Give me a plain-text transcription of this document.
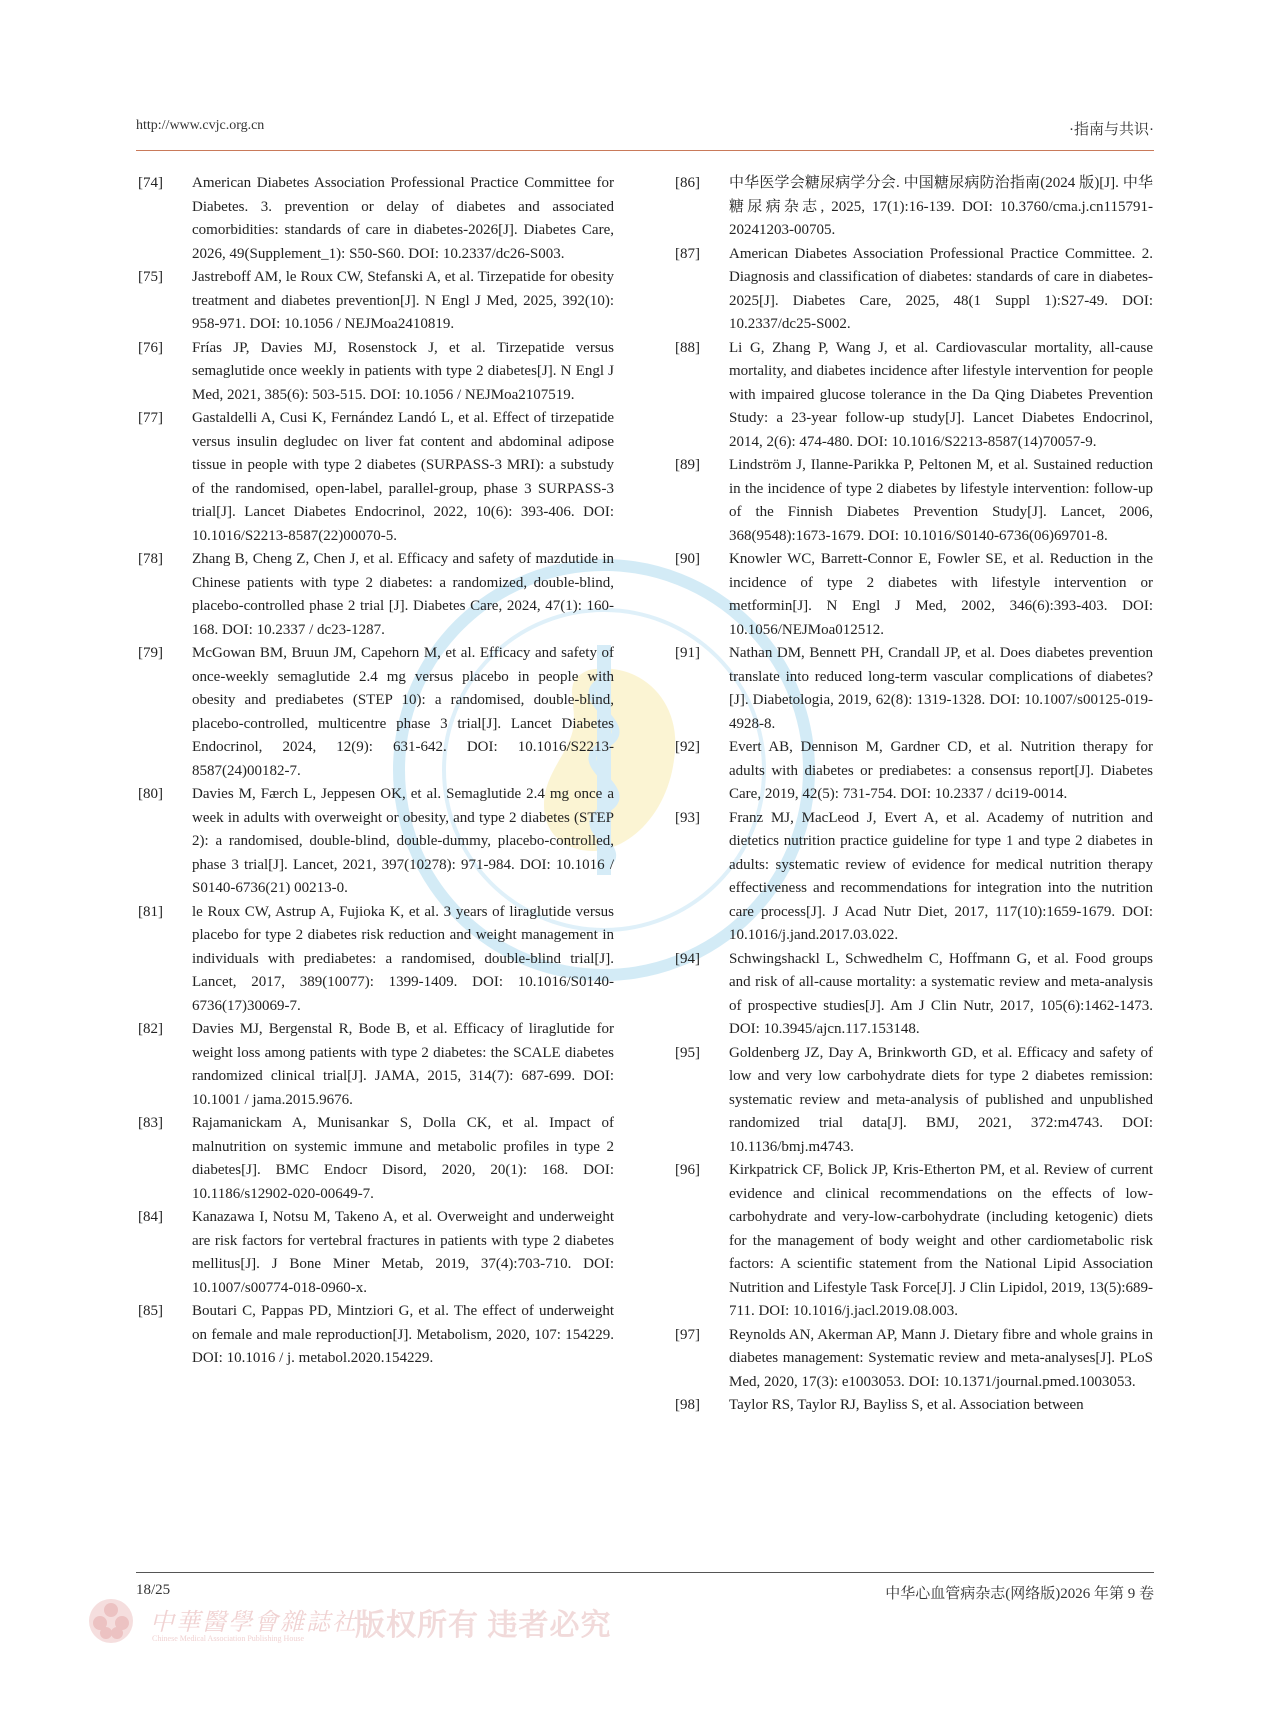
http://www.cvjc.org.cn	·指南与共识·
[74]	American Diabetes Association Professional Practice Committee for Diabetes. 3. prevention or delay of diabetes and associated comorbidities: standards of care in diabetes-2026[J]. Diabetes Care, 2026, 49(Supplement_1): S50-S60. DOI: 10.2337/dc26-S003.
[75]	Jastreboff AM, le Roux CW, Stefanski A, et al. Tirzepatide for obesity treatment and diabetes prevention[J]. N Engl J Med, 2025, 392(10): 958-971. DOI: 10.1056 / NEJMoa2410819.
[76]	Frías JP, Davies MJ, Rosenstock J, et al. Tirzepatide versus semaglutide once weekly in patients with type 2 diabetes[J]. N Engl J Med, 2021, 385(6): 503-515. DOI: 10.1056 / NEJMoa2107519.
[77]	Gastaldelli A, Cusi K, Fernández Landó L, et al. Effect of tirzepatide versus insulin degludec on liver fat content and abdominal adipose tissue in people with type 2 diabetes (SURPASS-3 MRI): a substudy of the randomised, open-label, parallel-group, phase 3 SURPASS-3 trial[J]. Lancet Diabetes Endocrinol, 2022, 10(6): 393-406. DOI: 10.1016/S2213-8587(22)00070-5.
[78]	Zhang B, Cheng Z, Chen J, et al. Efficacy and safety of mazdutide in Chinese patients with type 2 diabetes: a randomized, double-blind, placebo-controlled phase 2 trial [J]. Diabetes Care, 2024, 47(1): 160-168. DOI: 10.2337 / dc23-1287.
[79]	McGowan BM, Bruun JM, Capehorn M, et al. Efficacy and safety of once-weekly semaglutide 2.4 mg versus placebo in people with obesity and prediabetes (STEP 10): a randomised, double-blind, placebo-controlled, multicentre phase 3 trial[J]. Lancet Diabetes Endocrinol, 2024, 12(9): 631-642. DOI: 10.1016/S2213-8587(24)00182-7.
[80]	Davies M, Færch L, Jeppesen OK, et al. Semaglutide 2.4 mg once a week in adults with overweight or obesity, and type 2 diabetes (STEP 2): a randomised, double-blind, double-dummy, placebo-controlled, phase 3 trial[J]. Lancet, 2021, 397(10278): 971-984. DOI: 10.1016 / S0140-6736(21) 00213-0.
[81]	le Roux CW, Astrup A, Fujioka K, et al. 3 years of liraglutide versus placebo for type 2 diabetes risk reduction and weight management in individuals with prediabetes: a randomised, double-blind trial[J]. Lancet, 2017, 389(10077): 1399-1409. DOI: 10.1016/S0140-6736(17)30069-7.
[82]	Davies MJ, Bergenstal R, Bode B, et al. Efficacy of liraglutide for weight loss among patients with type 2 diabetes: the SCALE diabetes randomized clinical trial[J]. JAMA, 2015, 314(7): 687-699. DOI: 10.1001 / jama.2015.9676.
[83]	Rajamanickam A, Munisankar S, Dolla CK, et al. Impact of malnutrition on systemic immune and metabolic profiles in type 2 diabetes[J]. BMC Endocr Disord, 2020, 20(1): 168. DOI: 10.1186/s12902-020-00649-7.
[84]	Kanazawa I, Notsu M, Takeno A, et al. Overweight and underweight are risk factors for vertebral fractures in patients with type 2 diabetes mellitus[J]. J Bone Miner Metab, 2019, 37(4):703-710. DOI: 10.1007/s00774-018-0960-x.
[85]	Boutari C, Pappas PD, Mintziori G, et al. The effect of underweight on female and male reproduction[J]. Metabolism, 2020, 107: 154229. DOI: 10.1016 / j. metabol.2020.154229.
[86]	中华医学会糖尿病学分会. 中国糖尿病防治指南(2024 版)[J]. 中华糖尿病杂志, 2025, 17(1):16-139. DOI: 10.3760/cma.j.cn115791-20241203-00705.
[87]	American Diabetes Association Professional Practice Committee. 2. Diagnosis and classification of diabetes: standards of care in diabetes-2025[J]. Diabetes Care, 2025, 48(1 Suppl 1):S27-49. DOI: 10.2337/dc25-S002.
[88]	Li G, Zhang P, Wang J, et al. Cardiovascular mortality, all-cause mortality, and diabetes incidence after lifestyle intervention for people with impaired glucose tolerance in the Da Qing Diabetes Prevention Study: a 23-year follow-up study[J]. Lancet Diabetes Endocrinol, 2014, 2(6): 474-480. DOI: 10.1016/S2213-8587(14)70057-9.
[89]	Lindström J, Ilanne-Parikka P, Peltonen M, et al. Sustained reduction in the incidence of type 2 diabetes by lifestyle intervention: follow-up of the Finnish Diabetes Prevention Study[J]. Lancet, 2006, 368(9548):1673-1679. DOI: 10.1016/S0140-6736(06)69701-8.
[90]	Knowler WC, Barrett-Connor E, Fowler SE, et al. Reduction in the incidence of type 2 diabetes with lifestyle intervention or metformin[J]. N Engl J Med, 2002, 346(6):393-403. DOI: 10.1056/NEJMoa012512.
[91]	Nathan DM, Bennett PH, Crandall JP, et al. Does diabetes prevention translate into reduced long-term vascular complications of diabetes? [J]. Diabetologia, 2019, 62(8): 1319-1328. DOI: 10.1007/s00125-019-4928-8.
[92]	Evert AB, Dennison M, Gardner CD, et al. Nutrition therapy for adults with diabetes or prediabetes: a consensus report[J]. Diabetes Care, 2019, 42(5): 731-754. DOI: 10.2337 / dci19-0014.
[93]	Franz MJ, MacLeod J, Evert A, et al. Academy of nutrition and dietetics nutrition practice guideline for type 1 and type 2 diabetes in adults: systematic review of evidence for medical nutrition therapy effectiveness and recommendations for integration into the nutrition care process[J]. J Acad Nutr Diet, 2017, 117(10):1659-1679. DOI: 10.1016/j.jand.2017.03.022.
[94]	Schwingshackl L, Schwedhelm C, Hoffmann G, et al. Food groups and risk of all-cause mortality: a systematic review and meta-analysis of prospective studies[J]. Am J Clin Nutr, 2017, 105(6):1462-1473. DOI: 10.3945/ajcn.117.153148.
[95]	Goldenberg JZ, Day A, Brinkworth GD, et al. Efficacy and safety of low and very low carbohydrate diets for type 2 diabetes remission: systematic review and meta-analysis of published and unpublished randomized trial data[J]. BMJ, 2021, 372:m4743. DOI: 10.1136/bmj.m4743.
[96]	Kirkpatrick CF, Bolick JP, Kris-Etherton PM, et al. Review of current evidence and clinical recommendations on the effects of low-carbohydrate and very-low-carbohydrate (including ketogenic) diets for the management of body weight and other cardiometabolic risk factors: A scientific statement from the National Lipid Association Nutrition and Lifestyle Task Force[J]. J Clin Lipidol, 2019, 13(5):689-711. DOI: 10.1016/j.jacl.2019.08.003.
[97]	Reynolds AN, Akerman AP, Mann J. Dietary fibre and whole grains in diabetes management: Systematic review and meta-analyses[J]. PLoS Med, 2020, 17(3): e1003053. DOI: 10.1371/journal.pmed.1003053.
[98]	Taylor RS, Taylor RJ, Bayliss S, et al. Association between
18/25	中华心血管病杂志(网络版)2026 年第 9 卷
中華醫學會雜誌社
Chinese Medical Association Publishing House 版权所有 违者必究
